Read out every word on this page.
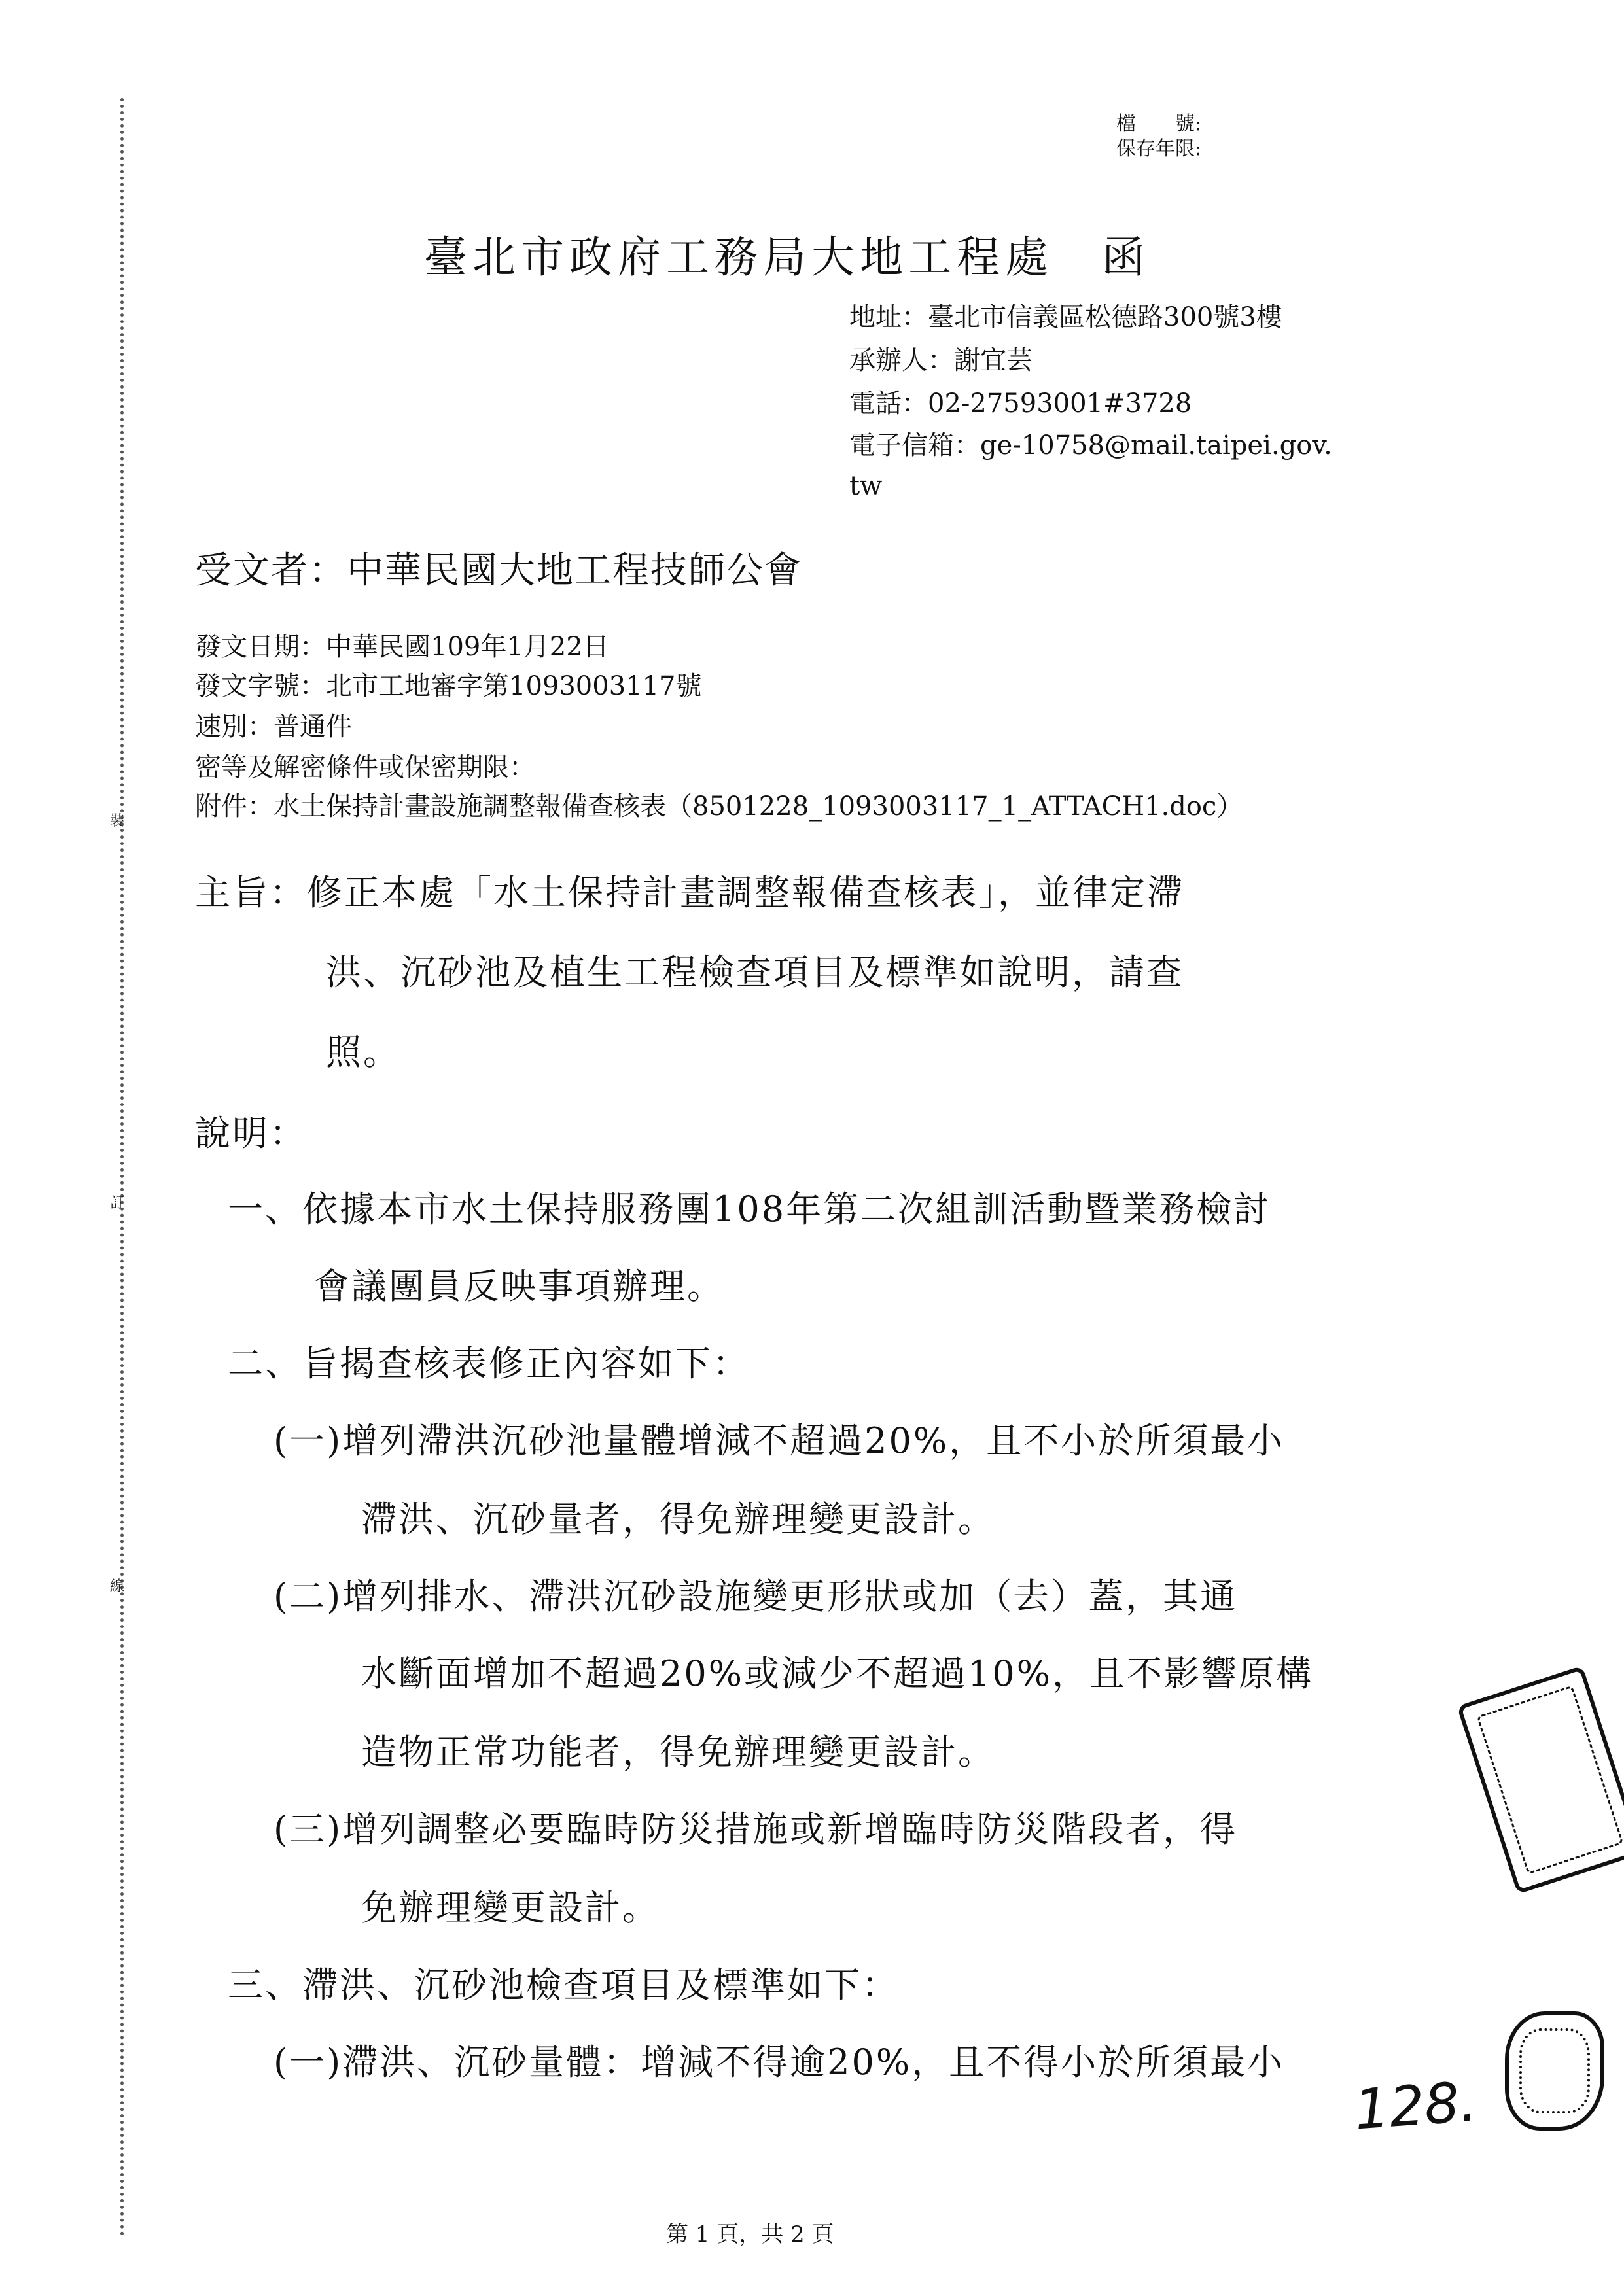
裝
訂
線
檔　　號:
保存年限:
臺北市政府工務局大地工程處　函
地址：臺北市信義區松德路300號3樓
承辦人：謝宜芸
電話：02-27593001#3728
電子信箱：ge-10758@mail.taipei.gov.
tw
受文者：中華民國大地工程技師公會
發文日期：中華民國109年1月22日
發文字號：北市工地審字第1093003117號
速別：普通件
密等及解密條件或保密期限：
附件：水土保持計畫設施調整報備查核表（8501228_1093003117_1_ATTACH1.doc）
主旨：修正本處「水土保持計畫調整報備查核表」，並律定滯
洪、沉砂池及植生工程檢查項目及標準如說明，請查
照。
說明：
一、依據本市水土保持服務團108年第二次組訓活動暨業務檢討
會議團員反映事項辦理。
二、旨揭查核表修正內容如下：
(一)增列滯洪沉砂池量體增減不超過20%，且不小於所須最小
滯洪、沉砂量者，得免辦理變更設計。
(二)增列排水、滯洪沉砂設施變更形狀或加（去）蓋，其通
水斷面增加不超過20%或減少不超過10%，且不影響原構
造物正常功能者，得免辦理變更設計。
(三)增列調整必要臨時防災措施或新增臨時防災階段者，得
免辦理變更設計。
三、滯洪、沉砂池檢查項目及標準如下：
(一)滯洪、沉砂量體：增減不得逾20%，且不得小於所須最小
128.
第 1 頁，共 2 頁
